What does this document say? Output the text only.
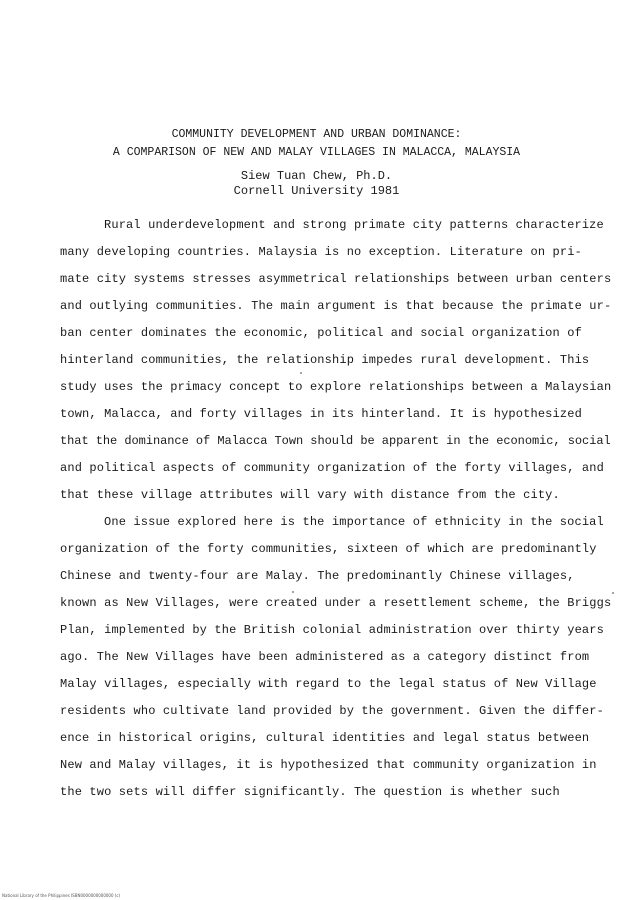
COMMUNITY DEVELOPMENT AND URBAN DOMINANCE:
A COMPARISON OF NEW AND MALAY VILLAGES IN MALACCA, MALAYSIA
Siew Tuan Chew, Ph.D.
Cornell University 1981
Rural underdevelopment and strong primate city patterns characterize
many developing countries. Malaysia is no exception. Literature on pri-
mate city systems stresses asymmetrical relationships between urban centers
and outlying communities. The main argument is that because the primate ur-
ban center dominates the economic, political and social organization of
hinterland communities, the relationship impedes rural development. This
study uses the primacy concept to explore relationships between a Malaysian
town, Malacca, and forty villages in its hinterland. It is hypothesized
that the dominance of Malacca Town should be apparent in the economic, social
and political aspects of community organization of the forty villages, and
that these village attributes will vary with distance from the city.
One issue explored here is the importance of ethnicity in the social
organization of the forty communities, sixteen of which are predominantly
Chinese and twenty-four are Malay. The predominantly Chinese villages,
known as New Villages, were created under a resettlement scheme, the Briggs
Plan, implemented by the British colonial administration over thirty years
ago. The New Villages have been administered as a category distinct from
Malay villages, especially with regard to the legal status of New Village
residents who cultivate land provided by the government. Given the differ-
ence in historical origins, cultural identities and legal status between
New and Malay villages, it is hypothesized that community organization in
the two sets will differ significantly. The question is whether such
National Library of the Philippines ISBN0000000000000 (c)
